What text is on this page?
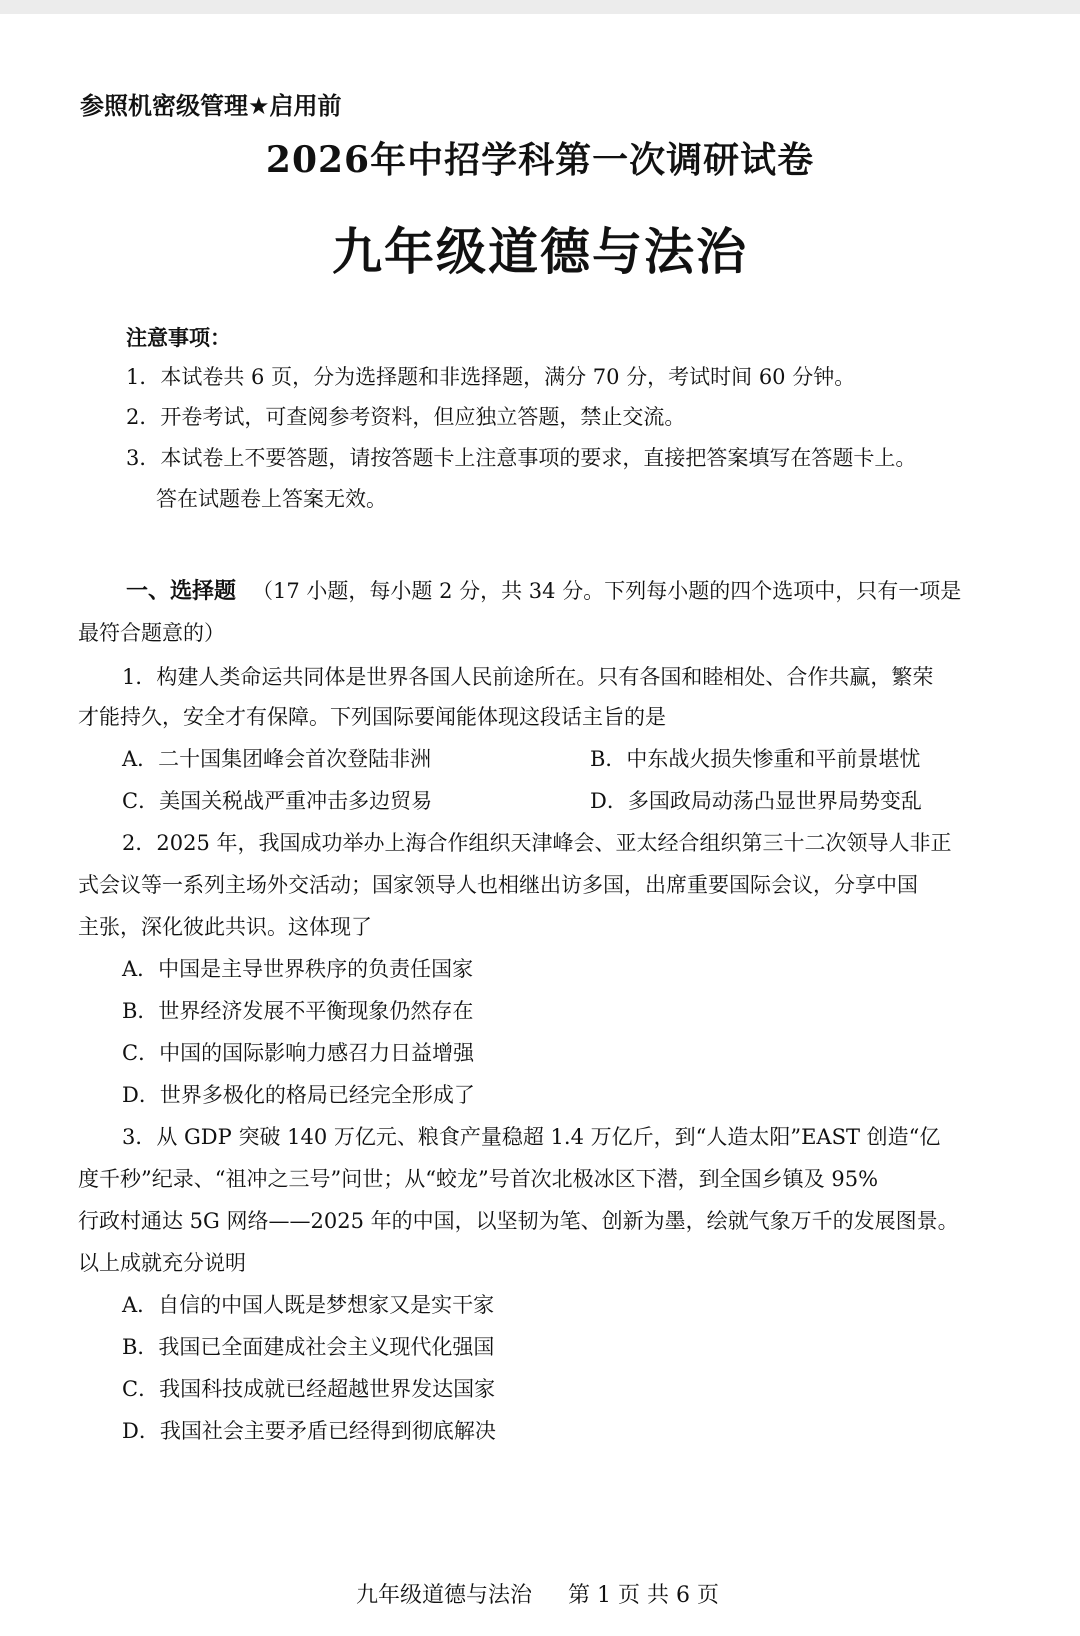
参照机密级管理★启用前
2026年中招学科第一次调研试卷
九年级道德与法治
注意事项：
1．本试卷共 6 页，分为选择题和非选择题，满分 70 分，考试时间 60 分钟。
2．开卷考试，可查阅参考资料，但应独立答题，禁止交流。
3．本试卷上不要答题，请按答题卡上注意事项的要求，直接把答案填写在答题卡上。
答在试题卷上答案无效。
一、选择题 （17 小题，每小题 2 分，共 34 分。下列每小题的四个选项中，只有一项是
最符合题意的）
1．构建人类命运共同体是世界各国人民前途所在。只有各国和睦相处、合作共赢，繁荣
才能持久，安全才有保障。下列国际要闻能体现这段话主旨的是
A．二十国集团峰会首次登陆非洲	B．中东战火损失惨重和平前景堪忧
C．美国关税战严重冲击多边贸易	D．多国政局动荡凸显世界局势变乱
2．2025 年，我国成功举办上海合作组织天津峰会、亚太经合组织第三十二次领导人非正
式会议等一系列主场外交活动；国家领导人也相继出访多国，出席重要国际会议，分享中国
主张，深化彼此共识。这体现了
A．中国是主导世界秩序的负责任国家
B．世界经济发展不平衡现象仍然存在
C．中国的国际影响力感召力日益增强
D．世界多极化的格局已经完全形成了
3．从 GDP 突破 140 万亿元、粮食产量稳超 1.4 万亿斤，到“人造太阳”EAST 创造“亿
度千秒”纪录、“祖冲之三号”问世；从“蛟龙”号首次北极冰区下潜，到全国乡镇及 95%
行政村通达 5G 网络——2025 年的中国，以坚韧为笔、创新为墨，绘就气象万千的发展图景。
以上成就充分说明
A．自信的中国人既是梦想家又是实干家
B．我国已全面建成社会主义现代化强国
C．我国科技成就已经超越世界发达国家
D．我国社会主要矛盾已经得到彻底解决
九年级道德与法治 第 1 页 共 6 页
